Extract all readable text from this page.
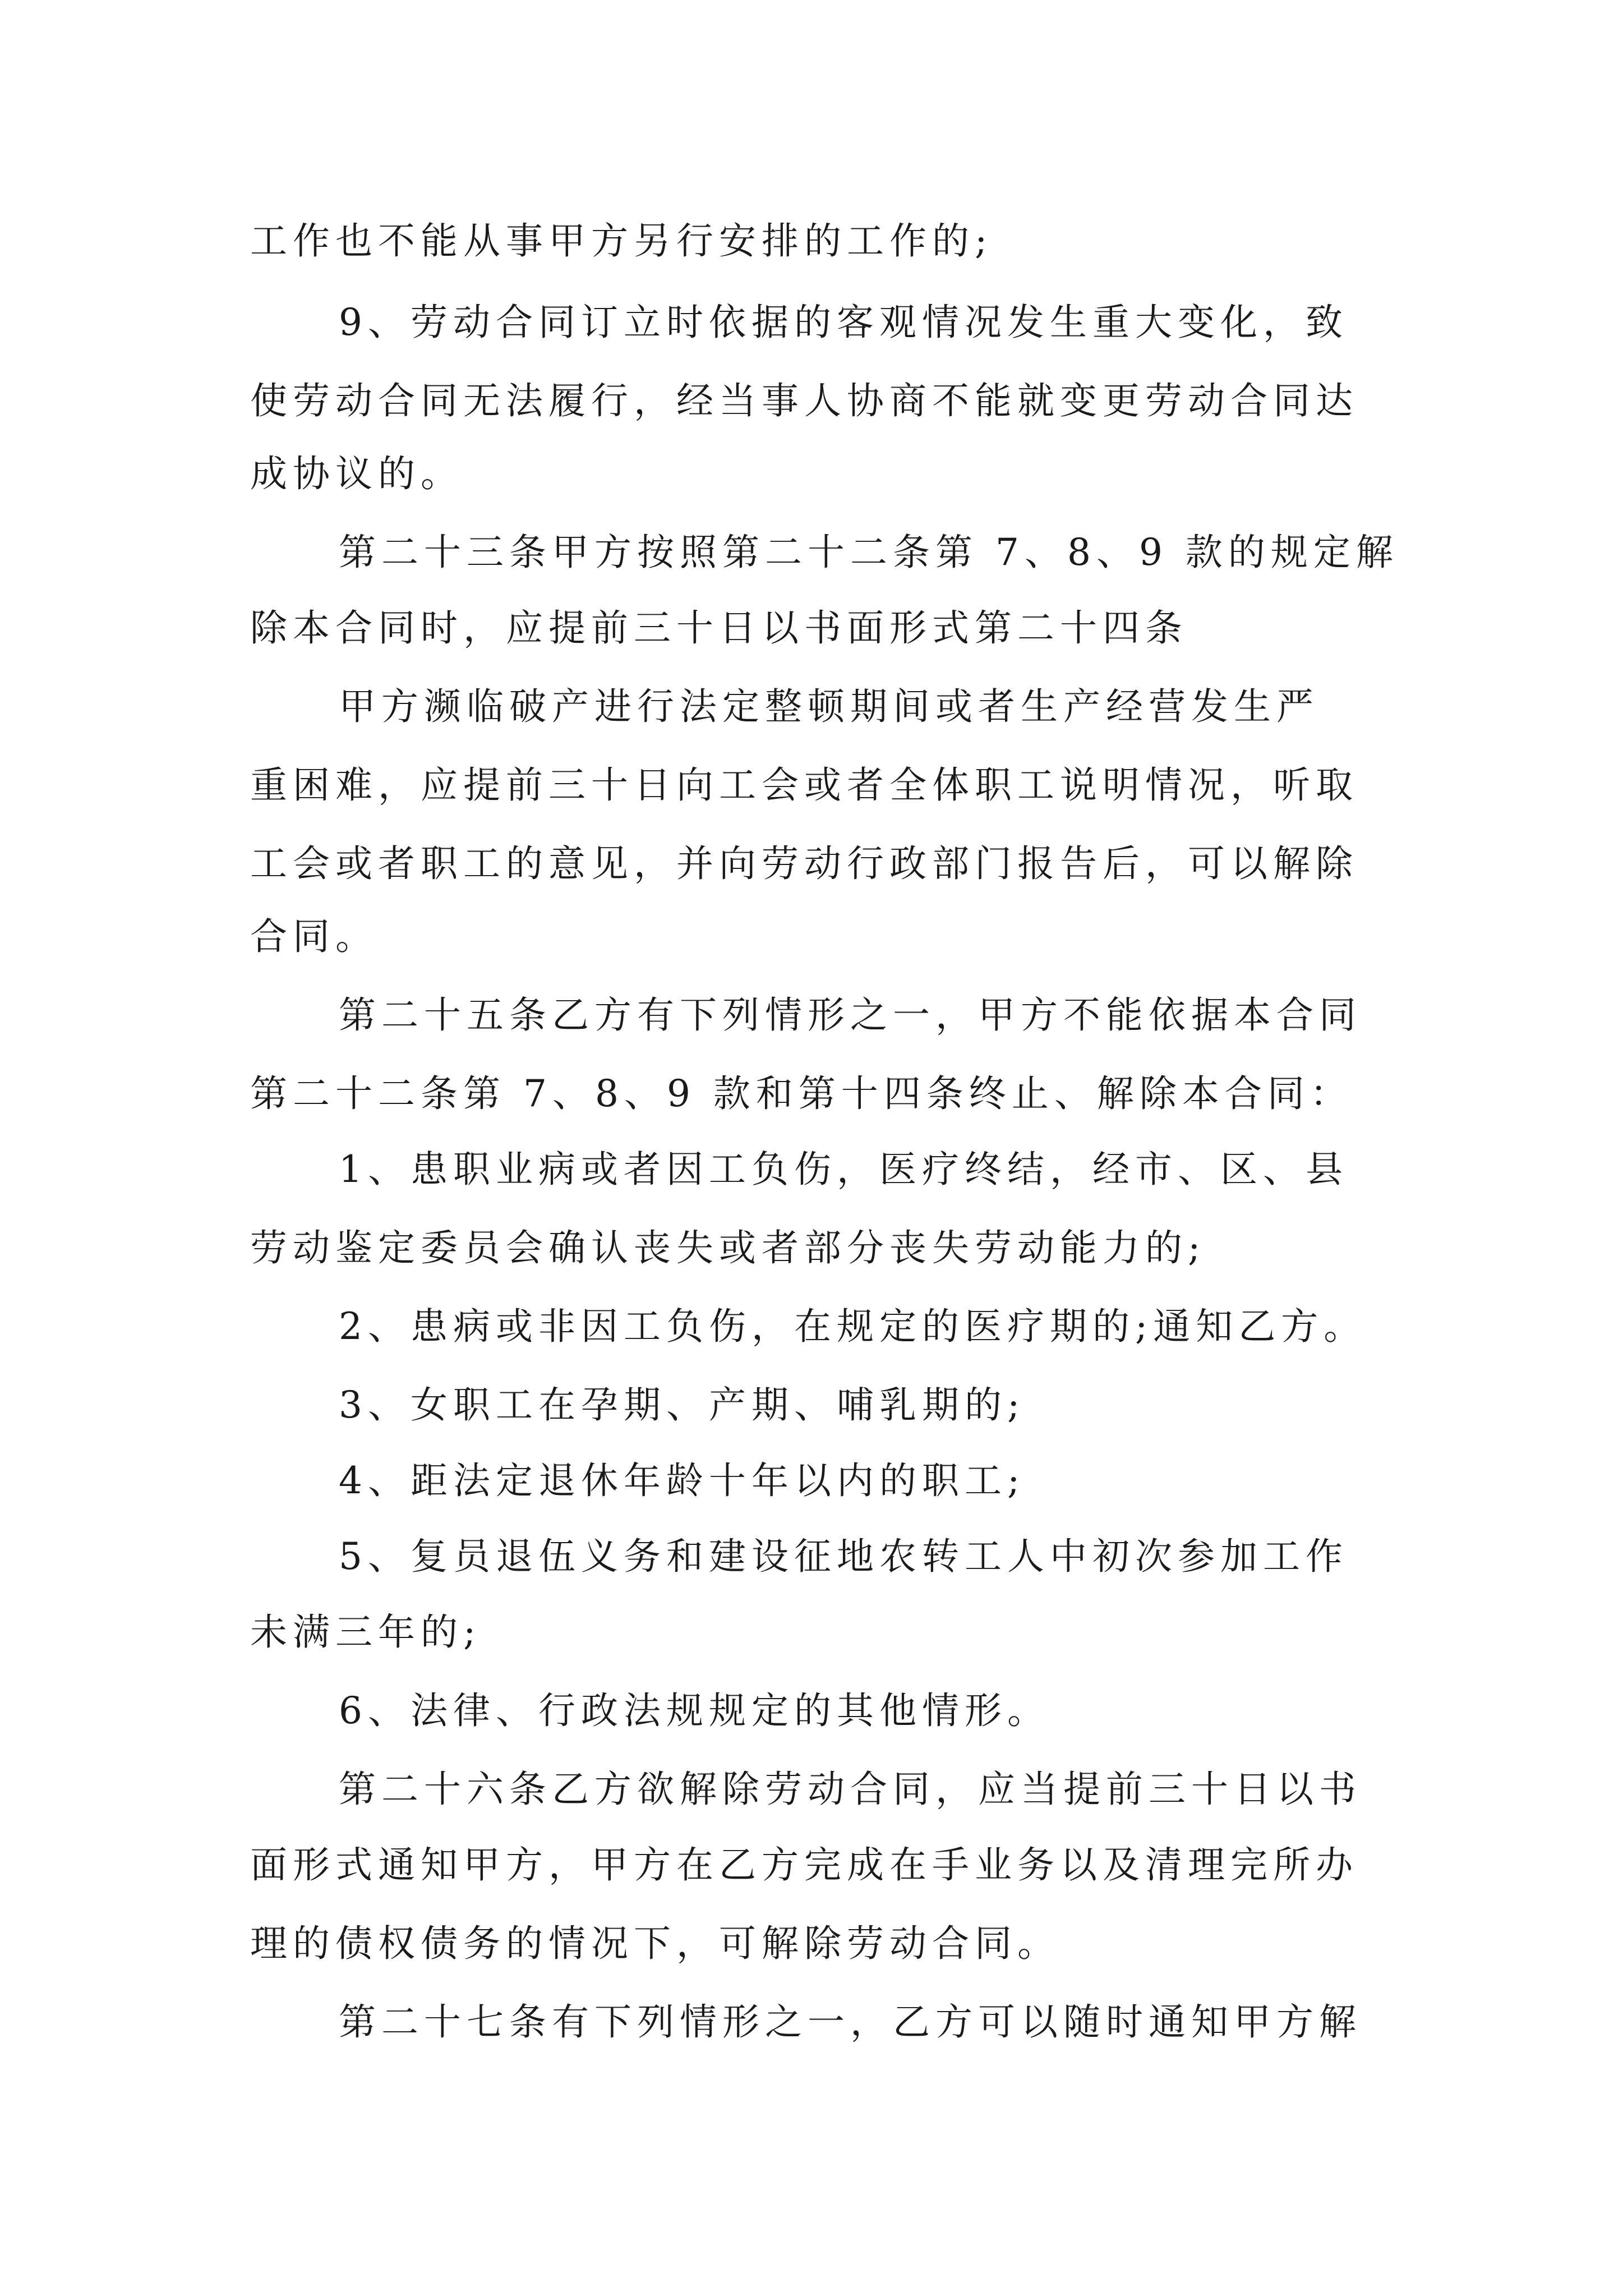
工作也不能从事甲方另行安排的工作的;
9、劳动合同订立时依据的客观情况发生重大变化，致
使劳动合同无法履行，经当事人协商不能就变更劳动合同达
成协议的。
第二十三条甲方按照第二十二条第 7、8、9 款的规定解
除本合同时，应提前三十日以书面形式第二十四条
甲方濒临破产进行法定整顿期间或者生产经营发生严
重困难，应提前三十日向工会或者全体职工说明情况，听取
工会或者职工的意见，并向劳动行政部门报告后，可以解除
合同。
第二十五条乙方有下列情形之一，甲方不能依据本合同
第二十二条第 7、8、9 款和第十四条终止、解除本合同：
1、患职业病或者因工负伤，医疗终结，经市、区、县
劳动鉴定委员会确认丧失或者部分丧失劳动能力的;
2、患病或非因工负伤，在规定的医疗期的;通知乙方。
3、女职工在孕期、产期、哺乳期的;
4、距法定退休年龄十年以内的职工;
5、复员退伍义务和建设征地农转工人中初次参加工作
未满三年的;
6、法律、行政法规规定的其他情形。
第二十六条乙方欲解除劳动合同，应当提前三十日以书
面形式通知甲方，甲方在乙方完成在手业务以及清理完所办
理的债权债务的情况下，可解除劳动合同。
第二十七条有下列情形之一，乙方可以随时通知甲方解
